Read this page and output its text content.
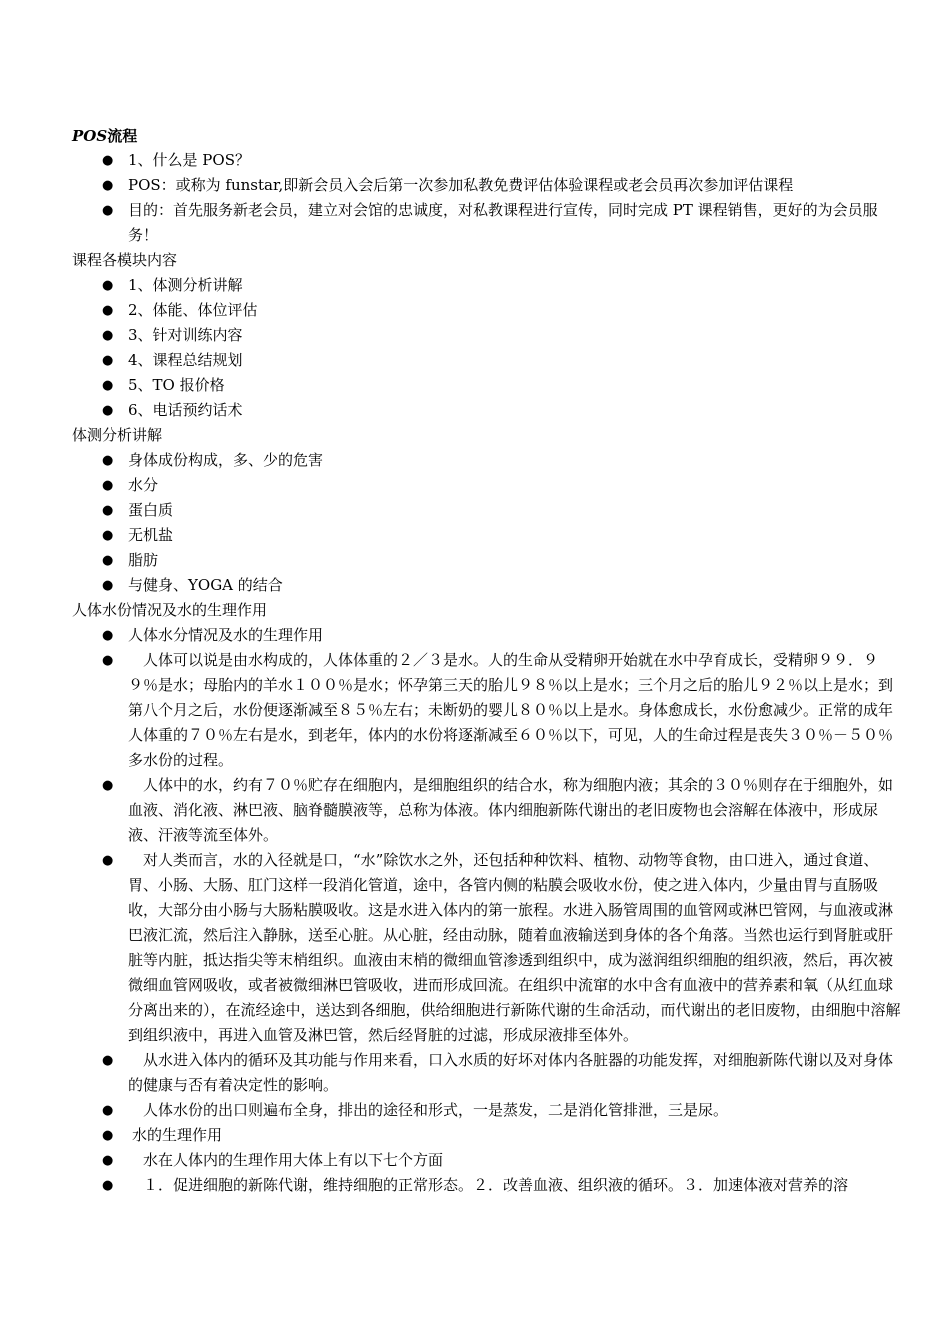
POS流程

● 1、什么是 POS？
● POS：或称为 funstar,即新会员入会后第一次参加私教免费评估体验课程或老会员再次参加评估课程
● 目的：首先服务新老会员，建立对会馆的忠诚度，对私教课程进行宣传，同时完成 PT 课程销售，更好的为会员服务！

课程各模块内容

● 1、体测分析讲解
● 2、体能、体位评估
● 3、针对训练内容
● 4、课程总结规划
● 5、TO 报价格
● 6、电话预约话术

体测分析讲解

● 身体成份构成，多、少的危害
● 水分
● 蛋白质
● 无机盐
● 脂肪
● 与健身、YOGA 的结合

人体水份情况及水的生理作用

● 人体水分情况及水的生理作用
●	人体可以说是由水构成的，人体体重的２／３是水。人的生命从受精卵开始就在水中孕育成长，受精卵９９．９９％是水；母胎内的羊水１００％是水；怀孕第三天的胎儿９８％以上是水；三个月之后的胎儿９２％以上是水；到第八个月之后，水份便逐渐减至８５％左右；未断奶的婴儿８０％以上是水。身体愈成长，水份愈减少。正常的成年人体重的７０％左右是水，到老年，体内的水份将逐渐减至６０％以下，可见，人的生命过程是丧失３０％－５０％多水份的过程。
●	人体中的水，约有７０％贮存在细胞内，是细胞组织的结合水，称为细胞内液；其余的３０％则存在于细胞外，如血液、消化液、淋巴液、脑脊髓膜液等，总称为体液。体内细胞新陈代谢出的老旧废物也会溶解在体液中，形成尿液、汗液等流至体外。
●	对人类而言，水的入径就是口，“水”除饮水之外，还包括种种饮料、植物、动物等食物，由口进入，通过食道、胃、小肠、大肠、肛门这样一段消化管道，途中，各管内侧的粘膜会吸收水份，使之进入体内，少量由胃与直肠吸收，大部分由小肠与大肠粘膜吸收。这是水进入体内的第一旅程。水进入肠管周围的血管网或淋巴管网，与血液或淋巴液汇流，然后注入静脉，送至心脏。从心脏，经由动脉，随着血液输送到身体的各个角落。当然也运行到肾脏或肝脏等内脏，抵达指尖等末梢组织。血液由末梢的微细血管渗透到组织中，成为滋润组织细胞的组织液，然后，再次被微细血管网吸收，或者被微细淋巴管吸收，进而形成回流。在组织中流窜的水中含有血液中的营养素和氧（从红血球分离出来的），在流经途中，送达到各细胞，供给细胞进行新陈代谢的生命活动，而代谢出的老旧废物，由细胞中溶解到组织液中，再进入血管及淋巴管，然后经肾脏的过滤，形成尿液排至体外。
●	从水进入体内的循环及其功能与作用来看，口入水质的好坏对体内各脏器的功能发挥，对细胞新陈代谢以及对身体的健康与否有着决定性的影响。
●	人体水份的出口则遍布全身，排出的途径和形式，一是蒸发，二是消化管排泄，三是尿。
● 水的生理作用
●	水在人体内的生理作用大体上有以下七个方面
●	１．促进细胞的新陈代谢，维持细胞的正常形态。２．改善血液、组织液的循环。３．加速体液对营养的溶
